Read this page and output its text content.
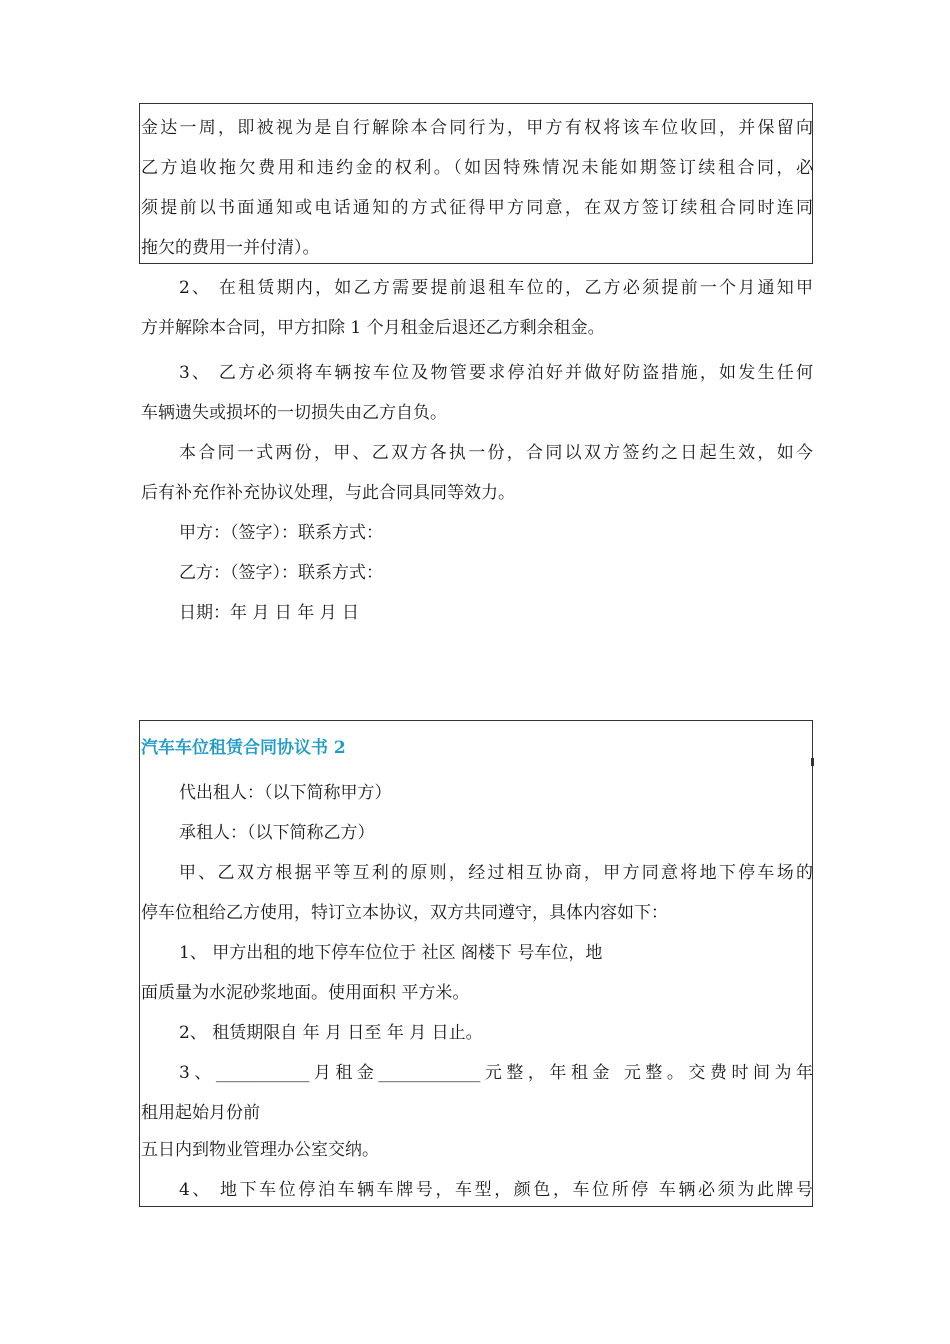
金达一周，即被视为是自行解除本合同行为，甲方有权将该车位收回，并保留向
乙方追收拖欠费用和违约金的权利。（如因特殊情况未能如期签订续租合同，必
须提前以书面通知或电话通知的方式征得甲方同意，在双方签订续租合同时连同
拖欠的费用一并付清）。
2、 在租赁期内，如乙方需要提前退租车位的，乙方必须提前一个月通知甲
方并解除本合同，甲方扣除 1 个月租金后退还乙方剩余租金。
3、 乙方必须将车辆按车位及物管要求停泊好并做好防盗措施，如发生任何
车辆遗失或损坏的一切损失由乙方自负。
本合同一式两份，甲、乙双方各执一份，合同以双方签约之日起生效，如今
后有补充作补充协议处理，与此合同具同等效力。
甲方：（签字）：联系方式：
乙方：（签字）：联系方式：
日期：年 月 日 年 月 日
汽车车位租赁合同协议书 2
代出租人：（以下简称甲方）
承租人：（以下简称乙方）
甲、乙双方根据平等互利的原则，经过相互协商，甲方同意将地下停车场的
停车位租给乙方使用，特订立本协议，双方共同遵守，具体内容如下：
1、 甲方出租的地下停车位位于 社区 阁楼下 号车位，地
面质量为水泥砂浆地面。使用面积 平方米。
2、 租赁期限自 年 月 日至 年 月 日止。
3、___________月租金____________元整，年租金 元整。交费时间为年
租用起始月份前
五日内到物业管理办公室交纳。
4、 地下车位停泊车辆车牌号，车型，颜色，车位所停 车辆必须为此牌号
